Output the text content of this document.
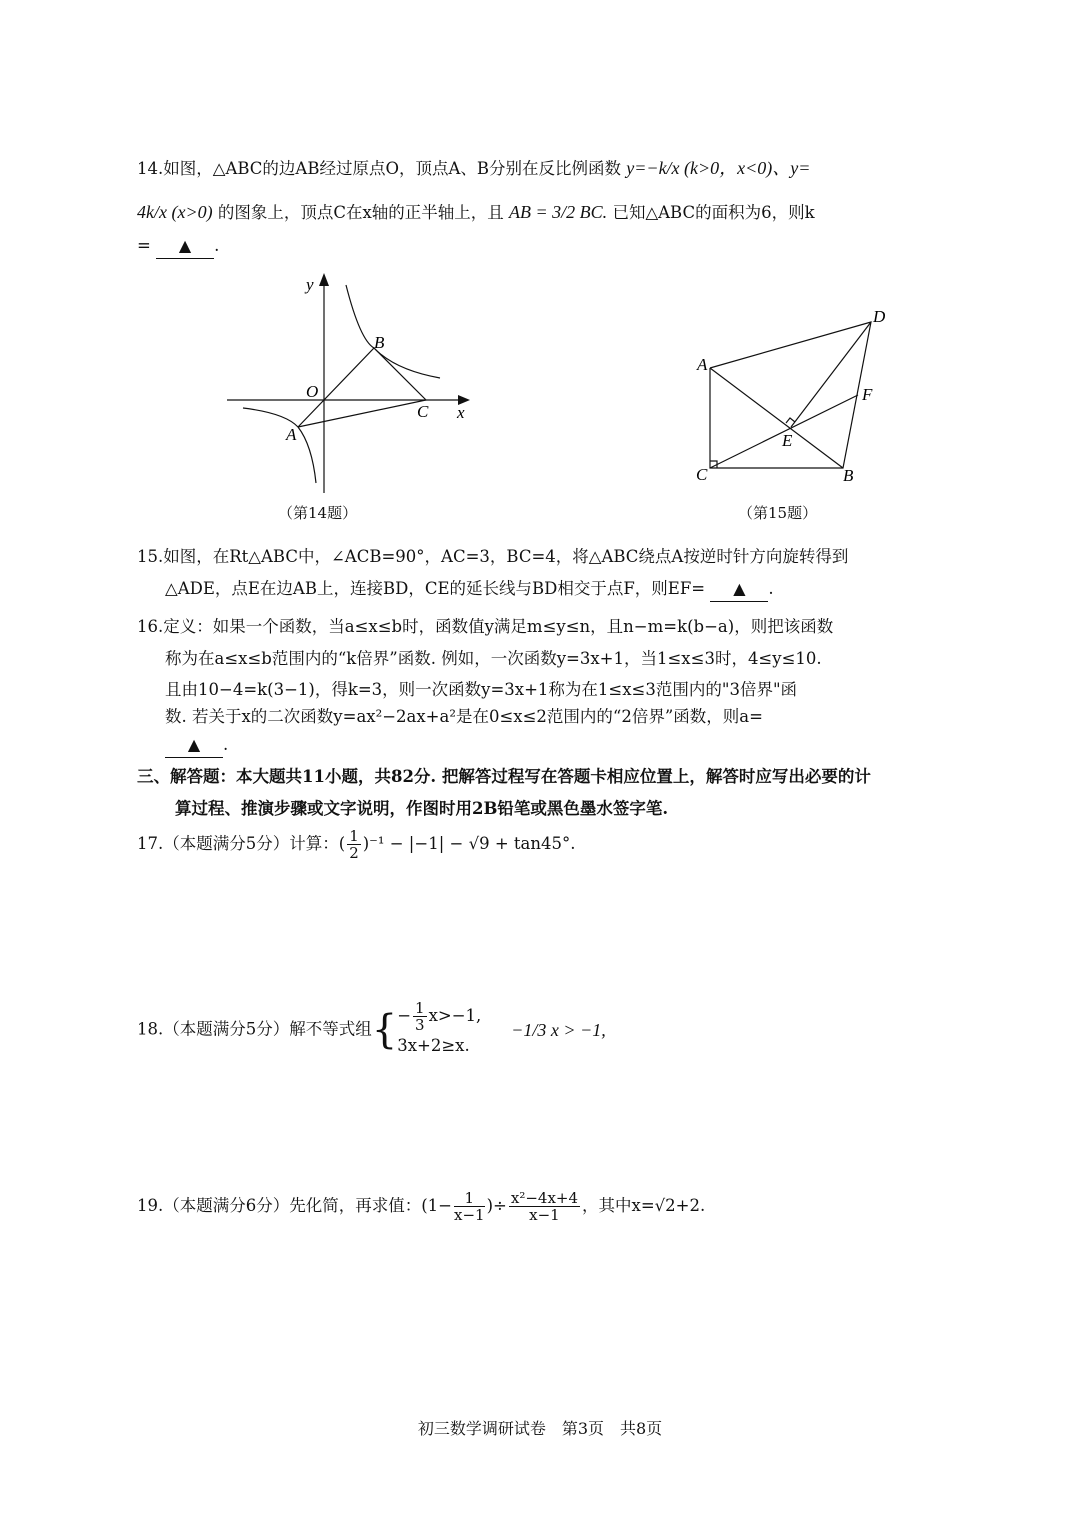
14.如图，△ABC的边AB经过原点O，顶点A、B分别在反比例函数 y=−k/x (k>0，x<0)、y=
4k/x (x>0) 的图象上，顶点C在x轴的正半轴上，且 AB = 3/2 BC. 已知△ABC的面积为6，则k
= ▲ .
y
x
O
B
C
A
A
C	B
D
E
F
（第14题）	（第15题）
15.如图，在Rt△ABC中，∠ACB=90°，AC=3，BC=4，将△ABC绕点A按逆时针方向旋转得到
△ADE，点E在边AB上，连接BD，CE的延长线与BD相交于点F，则EF= ▲ .
16.定义：如果一个函数，当a≤x≤b时，函数值y满足m≤y≤n，且n−m=k(b−a)，则把该函数
称为在a≤x≤b范围内的“k倍界”函数. 例如，一次函数y=3x+1，当1≤x≤3时，4≤y≤10.
且由10−4=k(3−1)，得k=3，则一次函数y=3x+1称为在1≤x≤3范围内的"3倍界"函
数. 若关于x的二次函数y=ax²−2ax+a²是在0≤x≤2范围内的“2倍界”函数，则a=
▲ .
三、解答题：本大题共11小题，共82分. 把解答过程写在答题卡相应位置上，解答时应写出必要的计
算过程、推演步骤或文字说明，作图时用2B铅笔或黑色墨水签字笔.
17.（本题满分5分）计算：( $\frac{1}{2} )^{-1} - |-1| - √9 + \tan 45^\circ$.
18.（本题满分5分）解不等式组{ − $\frac{1}{3} x>-1$,
3x+2≥x.
−1/3 x > −1,
19.（本题满分6分）先化简，再求值：($1- \frac{1}{x-1}$ )÷ $\frac{\text{x²−4x+4}}{x-1}$ ，其中x=√2+2.
初三数学调研试卷　第3页　共8页
